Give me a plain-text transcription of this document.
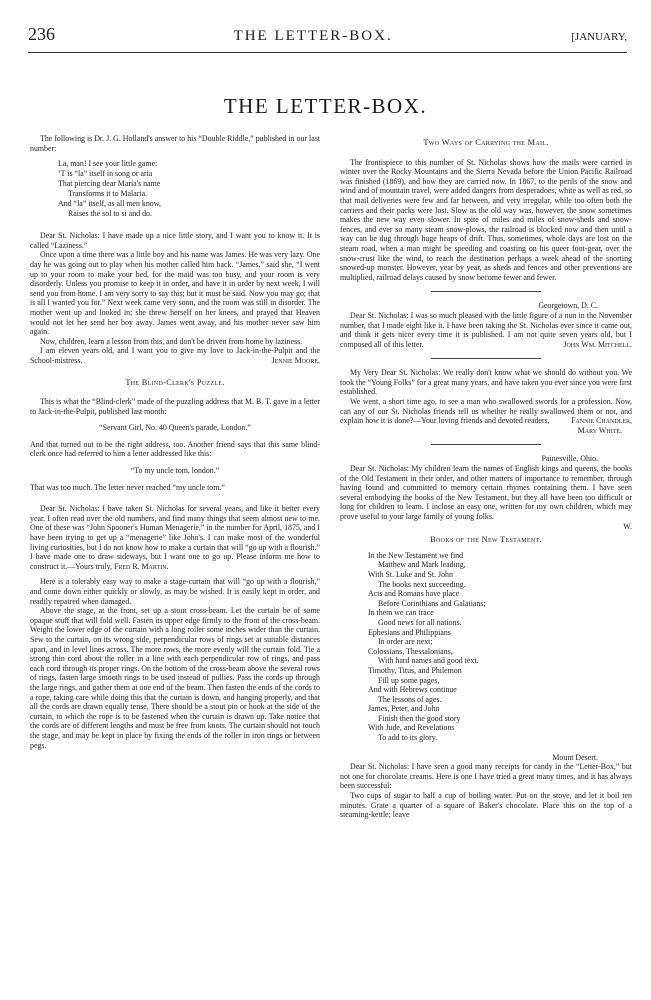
236	THE LETTER-BOX.	[JANUARY,
THE LETTER-BOX.

The following is Dr. J. G. Holland's answer to his “Double Riddle,” published in our last number:

La, man! I see your little game:
‘T is “la” itself in song or aria
That piercing dear Maria's name
Transforms it to Malaria.
And “la” itself, as all men know,
Raises the sol to si and do.

Dear St. Nicholas: I have made up a nice little story, and I want you to know it. It is called “Laziness.”

Once upon a time there was a little boy and his name was James. He was very lazy. One day he was going out to play when his mother called him back. “James,” said she, “I went up to your room to make your bed, for the maid was too busy, and your room is very disorderly. Unless you promise to keep it in order, and have it in order by next week, I will send you from home. I am very sorry to say this; but it must be said. Now you may go; that is all I wanted you for.” Next week came very soon, and the room was still in disorder. The mother went up and looked in; she threw herself on her knees, and prayed that Heaven would not let her send her boy away. James went away, and his mother never saw him again.

Now, children, learn a lesson from this, and don't be driven from home by laziness.

I am eleven years old, and I want you to give my love to Jack-in-the-Pulpit and the School-mistress.	Jennie Moore.

The Blind-Clerk's Puzzle.

This is what the “Blind-clerk” made of the puzzling address that M. B. T. gave in a letter to Jack-in-the-Pulpit, published last month:

“Servant Girl, No. 40 Queen's parade, London.”

And that turned out to be the right address, too. Another friend says that this same blind-clerk once had referred to him a letter addressed like this:

“To my uncle tom, london.”

That was too much. The letter never reached “my uncle tom.”

Dear St. Nicholas: I have taken St. Nicholas for several years, and like it better every year. I often read over the old numbers, and find many things that seem almost new to me. One of these was “John Spooner's Human Menagerie,” in the number for April, 1875, and I have been trying to get up a “menagerie” like John's. I can make most of the wonderful living curiosities, but I do not know how to make a curtain that will “go up with a flourish.” I have made one to draw sideways, but I want one to go up. Please inform me how to construct it.—Yours truly, Fred R. Martin.

Here is a tolerably easy way to make a stage-curtain that will “go up with a flourish,” and come down either quickly or slowly, as may be wished. It is easily kept in order, and readily repaired when damaged.

Above the stage, at the front, set up a stout cross-beam. Let the curtain be of some opaque stuff that will fold well. Fasten its upper edge firmly to the front of the cross-beam. Weight the lower edge of the curtain with a long roller some inches wider than the curtain. Sew to the curtain, on its wrong side, perpendicular rows of rings set at suitable distances apart, and in level lines across. The more rows, the more evenly will the curtain fold. Tie a strong thin cord about the roller in a line with each perpendicular row of rings, and pass each cord through its proper rings. On the bottom of the cross-beam above the several rows of rings, fasten large smooth rings to be used instead of pullies. Pass the cords up through the large rings, and gather them at one end of the beam. Then fasten the ends of the cords to a rope, taking care while doing this that the curtain is down, and hanging properly, and that all the cords are drawn equally tense. There should be a stout pin or hook at the side of the curtain, to which the rope is to be fastened when the curtain is drawn up. Take notice that the cords are of different lengths and must be free from knots. The curtain should not touch the stage, and may be kept in place by fixing the ends of the roller in iron rings or between pegs.

Two Ways of Carrying the Mail.

The frontispiece to this number of St. Nicholas shows how the mails were carried in winter over the Rocky Mountains and the Sierra Nevada before the Union Pacific Railroad was finished (1869), and how they are carried now. In 1867, to the perils of the snow and wind and of mountain travel, were added dangers from desperadoes, white as well as red, so that mail deliveries were few and far between, and very irregular, while too often both the carriers and their packs were lost. Slow as the old way was, however, the snow sometimes makes the new way even slower. In spite of miles and miles of snow-sheds and snow-fences, and ever so many steam snow-plows, the railroad is blocked now and then until a way can be dug through huge heaps of drift. Thus, sometimes, whole days are lost on the steam road, when a man might be speeding and coasting on his queer foot-gear, over the snow-crust like the wind, to reach the destination perhaps a week ahead of the snorting snowed-up monster. However, year by year, as sheds and fences and other preventions are multiplied, railroad delays caused by snow become fewer and fewer.

Georgetown, D. C.

Dear St. Nicholas: I was so much pleased with the little figure of a nun in the November number, that I made eight like it. I have been taking the St. Nicholas ever since it came out, and think it gets nicer every time it is published. I am not quite seven years old, but I composed all of this letter.	John Wm. Mitchell.

My Very Dear St. Nicholas: We really don't know what we should do without you. We took the “Young Folks” for a great many years, and have taken you ever since you were first established.

We went, a short time ago, to see a man who swallowed swords for a profession. Now, can any of our St. Nicholas friends tell us whether he really swallowed them or not, and explain how it is done?—Your loving friends and devoted readers,	Fannie Chandler,

Mary White.
Painesville, Ohio.

Dear St. Nicholas: My children learn the names of English kings and queens, the books of the Old Testament in their order, and other matters of importance to remember, through having found and committed to memory certain rhymes containing them. I have seen several embodying the books of the New Testament, but they all have been too difficult or long for children to learn. I inclose an easy one, written for my own children, which may prove useful to your large family of young folks.

W.
Books of the New Testament.
In the New Testament we find
Matthew and Mark leading,
With St. Luke and St. John
The books next succeeding.
Acts and Romans have place
Before Corinthians and Galatians;
In them we can trace
Good news for all nations.
Ephesians and Philippians
In order are next;
Colossians, Thessalonians,
With hard names and good text.
Timothy, Titus, and Philemon
Fill up some pages,
And with Hebrews continue
The lessons of ages.
James, Peter, and John
Finish then the good story
With Jude, and Revelations
To add to its glory.
Mount Desert.

Dear St. Nicholas: I have seen a good many receipts for candy in the “Letter-Box,” but not one for chocolate creams. Here is one I have tried a great many times, and it has always been successful:

Two cups of sugar to half a cup of boiling water. Put on the stove, and let it boil ten minutes. Grate a quarter of a square of Baker's chocolate. Place this on the top of a steaming-kettle; leave
